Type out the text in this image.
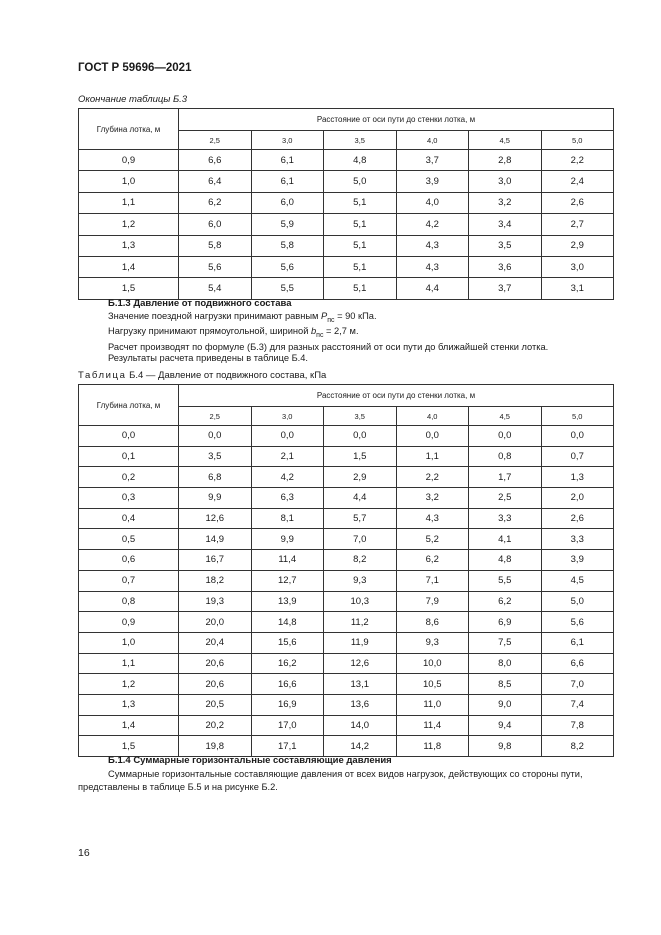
ГОСТ Р 59696—2021
Окончание таблицы Б.3
Глубина лотка, м	Расстояние от оси пути до стенки лотка, м					
	2,5	3,0	3,5	4,0	4,5	5,0
0,9	6,6	6,1	4,8	3,7	2,8	2,2
1,0	6,4	6,1	5,0	3,9	3,0	2,4
1,1	6,2	6,0	5,1	4,0	3,2	2,6
1,2	6,0	5,9	5,1	4,2	3,4	2,7
1,3	5,8	5,8	5,1	4,3	3,5	2,9
1,4	5,6	5,6	5,1	4,3	3,6	3,0
1,5	5,4	5,5	5,1	4,4	3,7	3,1
Б.1.3 Давление от подвижного состава
Значение поездной нагрузки принимают равным $P_{пс} = 90$ кПа.
Нагрузку принимают прямоугольной, шириной $b_{пс} = 2,7$ м.
Расчет производят по формуле (Б.3) для разных расстояний от оси пути до ближайшей стенки лотка.
Результаты расчета приведены в таблице Б.4.
Таблица Б.4 — Давление от подвижного состава, кПа
Глубина лотка, м	Расстояние от оси пути до стенки лотка, м					
	2,5	3,0	3,5	4,0	4,5	5,0
0,0	0,0	0,0	0,0	0,0	0,0	0,0
0,1	3,5	2,1	1,5	1,1	0,8	0,7
0,2	6,8	4,2	2,9	2,2	1,7	1,3
0,3	9,9	6,3	4,4	3,2	2,5	2,0
0,4	12,6	8,1	5,7	4,3	3,3	2,6
0,5	14,9	9,9	7,0	5,2	4,1	3,3
0,6	16,7	11,4	8,2	6,2	4,8	3,9
0,7	18,2	12,7	9,3	7,1	5,5	4,5
0,8	19,3	13,9	10,3	7,9	6,2	5,0
0,9	20,0	14,8	11,2	8,6	6,9	5,6
1,0	20,4	15,6	11,9	9,3	7,5	6,1
1,1	20,6	16,2	12,6	10,0	8,0	6,6
1,2	20,6	16,6	13,1	10,5	8,5	7,0
1,3	20,5	16,9	13,6	11,0	9,0	7,4
1,4	20,2	17,0	14,0	11,4	9,4	7,8
1,5	19,8	17,1	14,2	11,8	9,8	8,2
Б.1.4 Суммарные горизонтальные составляющие давления
Суммарные горизонтальные составляющие давления от всех видов нагрузок, действующих со стороны пути, представлены в таблице Б.5 и на рисунке Б.2.
16
